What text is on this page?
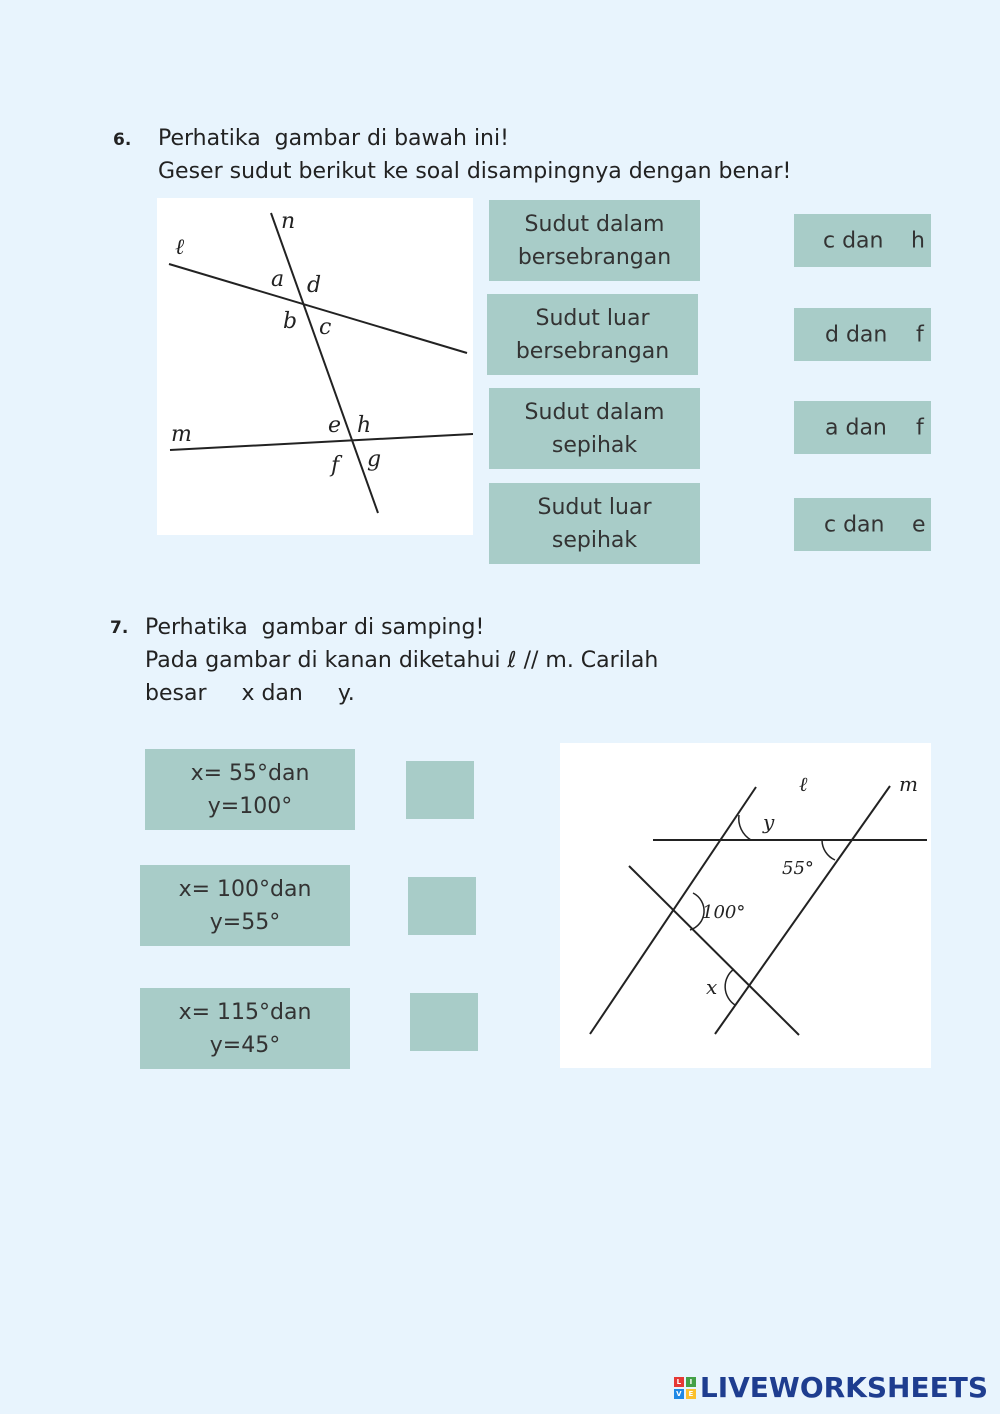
6. Perhatika  gambar di bawah ini!
Geser sudut berikut ke soal disampingnya dengan benar!
ℓ
n
m
a d
b c
e h
f g
Sudut dalam
bersebrangan
Sudut luar
bersebrangan
Sudut dalam
sepihak
Sudut luar
sepihak
c dan h
d dan f
a dan f
c dan e
7. Perhatika  gambar di samping!
Pada gambar di kanan diketahui ℓ // m. Carilah
besar     x dan     y.
x= 55°dan
y=100°
x= 100°dan
y=55°
x= 115°dan
y=45°
ℓ	m
y
55°
100°
x
L	I
V E LIVEWORKSHEETS
